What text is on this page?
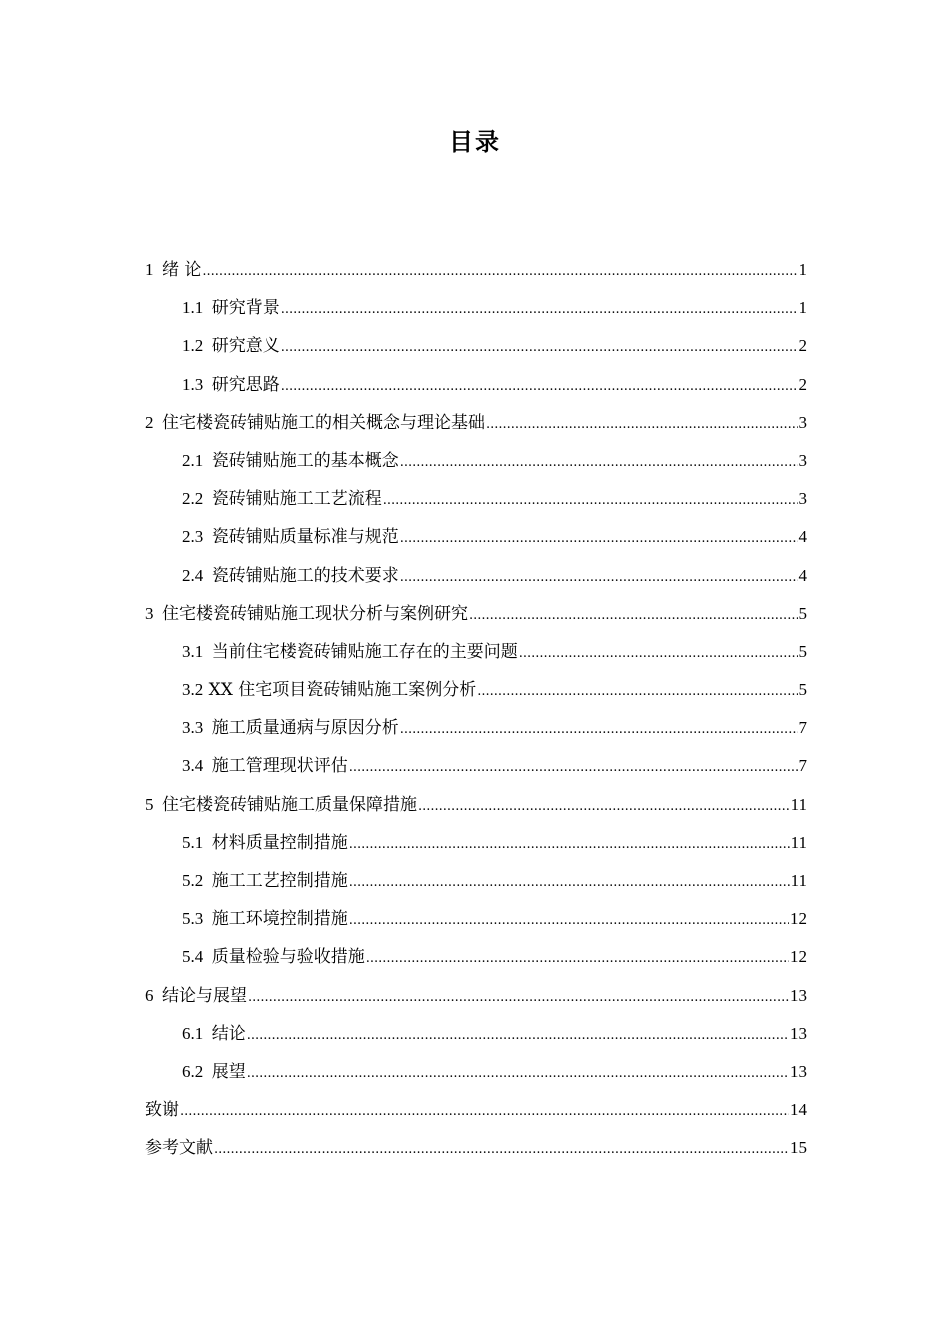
目录
1  绪 论 .....	1
1.1  研究背景 .....	1
1.2  研究意义 .....	2
1.3  研究思路 .....	2
2  住宅楼瓷砖铺贴施工的相关概念与理论基础 .....	3
2.1  瓷砖铺贴施工的基本概念 .....	3
2.2  瓷砖铺贴施工工艺流程 .....	3
2.3  瓷砖铺贴质量标准与规范 .....	4
2.4  瓷砖铺贴施工的技术要求 .....	4
3  住宅楼瓷砖铺贴施工现状分析与案例研究 .....	5
3.1  当前住宅楼瓷砖铺贴施工存在的主要问题 .....	5
3.2 XX 住宅项目瓷砖铺贴施工案例分析 .....	5
3.3  施工质量通病与原因分析 .....	7
3.4  施工管理现状评估 .....	7
5  住宅楼瓷砖铺贴施工质量保障措施 .....	11
5.1  材料质量控制措施 .....	11
5.2  施工工艺控制措施 .....	11
5.3  施工环境控制措施 .....	12
5.4  质量检验与验收措施 .....	12
6  结论与展望 .....	13
6.1  结论 .....	13
6.2  展望 .....	13
致谢 .....	14
参考文献 .....	15
